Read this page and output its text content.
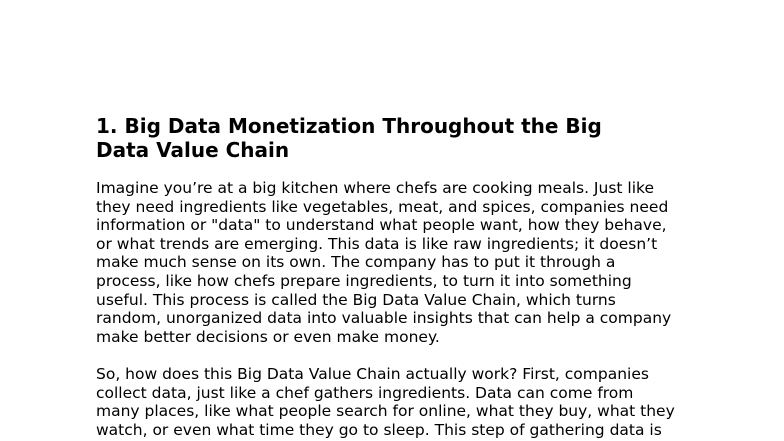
1. Big Data Monetization Throughout the Big
Data Value Chain

Imagine you’re at a big kitchen where chefs are cooking meals. Just like
they need ingredients like vegetables, meat, and spices, companies need
information or "data" to understand what people want, how they behave,
or what trends are emerging. This data is like raw ingredients; it doesn’t
make much sense on its own. The company has to put it through a
process, like how chefs prepare ingredients, to turn it into something
useful. This process is called the Big Data Value Chain, which turns
random, unorganized data into valuable insights that can help a company
make better decisions or even make money.

So, how does this Big Data Value Chain actually work? First, companies
collect data, just like a chef gathers ingredients. Data can come from
many places, like what people search for online, what they buy, what they
watch, or even what time they go to sleep. This step of gathering data is
